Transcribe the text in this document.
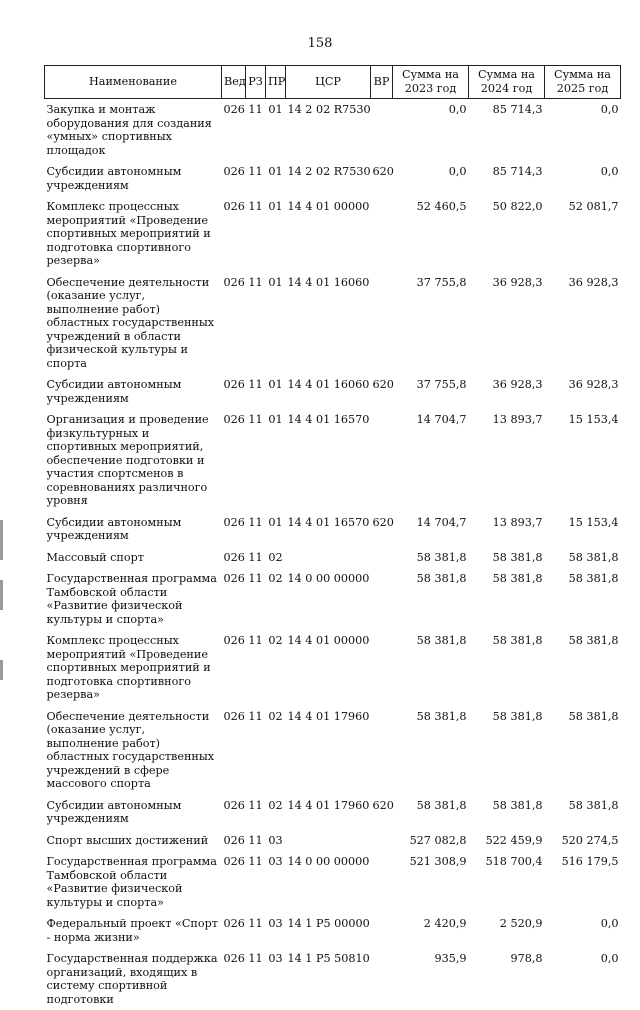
158
Наименование	Вед	РЗ	ПР	ЦСР	ВР	Сумма на 2023 год	Сумма на 2024 год	Сумма на 2025 год
Закупка и монтаж оборудования для создания «умных» спортивных площадок	026	11	01	14 2 02 R7530		0,0	85 714,3	0,0
Субсидии автономным учреждениям	026	11	01	14 2 02 R7530	620	0,0	85 714,3	0,0
Комплекс процессных мероприятий «Проведение спортивных мероприятий и подготовка спортивного резерва»	026	11	01	14 4 01 00000		52 460,5	50 822,0	52 081,7
Обеспечение деятельности (оказание услуг, выполнение работ) областных государственных учреждений в области физической культуры и спорта	026	11	01	14 4 01 16060		37 755,8	36 928,3	36 928,3
Субсидии автономным учреждениям	026	11	01	14 4 01 16060	620	37 755,8	36 928,3	36 928,3
Организация и проведение физкультурных и спортивных мероприятий, обеспечение подготовки и участия спортсменов в соревнованиях различного уровня	026	11	01	14 4 01 16570		14 704,7	13 893,7	15 153,4
Субсидии автономным учреждениям	026	11	01	14 4 01 16570	620	14 704,7	13 893,7	15 153,4
Массовый спорт	026	11	02			58 381,8	58 381,8	58 381,8
Государственная программа Тамбовской области «Развитие физической культуры и спорта»	026	11	02	14 0 00 00000		58 381,8	58 381,8	58 381,8
Комплекс процессных мероприятий «Проведение спортивных мероприятий и подготовка спортивного резерва»	026	11	02	14 4 01 00000		58 381,8	58 381,8	58 381,8
Обеспечение деятельности (оказание услуг, выполнение работ) областных государственных учреждений в сфере массового спорта	026	11	02	14 4 01 17960		58 381,8	58 381,8	58 381,8
Субсидии автономным учреждениям	026	11	02	14 4 01 17960	620	58 381,8	58 381,8	58 381,8
Спорт высших достижений	026	11	03			527 082,8	522 459,9	520 274,5
Государственная программа Тамбовской области «Развитие физической культуры и спорта»	026	11	03	14 0 00 00000		521 308,9	518 700,4	516 179,5
Федеральный проект «Спорт - норма жизни»	026	11	03	14 1 P5 00000		2 420,9	2 520,9	0,0
Государственная поддержка организаций, входящих в систему спортивной подготовки	026	11	03	14 1 P5 50810		935,9	978,8	0,0
